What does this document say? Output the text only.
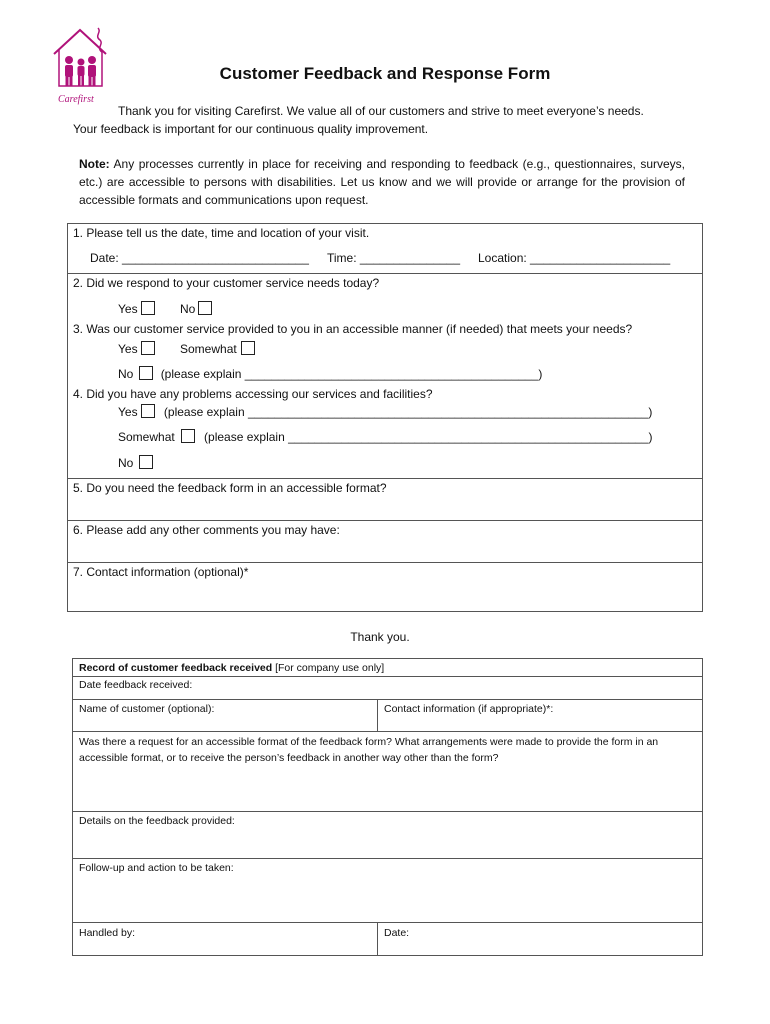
Carefirst
Customer Feedback and Response Form
Thank you for visiting Carefirst. We value all of our customers and strive to meet everyone’s needs.
Your feedback is important for our continuous quality improvement.
Note: Any processes currently in place for receiving and responding to feedback (e.g., questionnaires, surveys, etc.) are accessible to persons with disabilities. Let us know and we will provide or arrange for the provision of accessible formats and communications upon request.
1. Please tell us the date, time and location of your visit.
Date: ____________________________ Time: _______________ Location: _____________________
2. Did we respond to your customer service needs today?
Yes	No
3. Was our customer service provided to you in an accessible manner (if needed) that meets your needs?
Yes	Somewhat
No (please explain ____________________________________________)
4. Did you have any problems accessing our services and facilities?
Yes (please explain ____________________________________________________________)
Somewhat (please explain ______________________________________________________)
No
5. Do you need the feedback form in an accessible format?
6. Please add any other comments you may have:
7. Contact information (optional)*
Thank you.
Record of customer feedback received [For company use only]
Date feedback received:
Name of customer (optional):	Contact information (if appropriate)*:
Was there a request for an accessible format of the feedback form? What arrangements were made to provide the form in an accessible format, or to receive the person’s feedback in another way other than the form?
Details on the feedback provided:
Follow-up and action to be taken:
Handled by:	Date:
